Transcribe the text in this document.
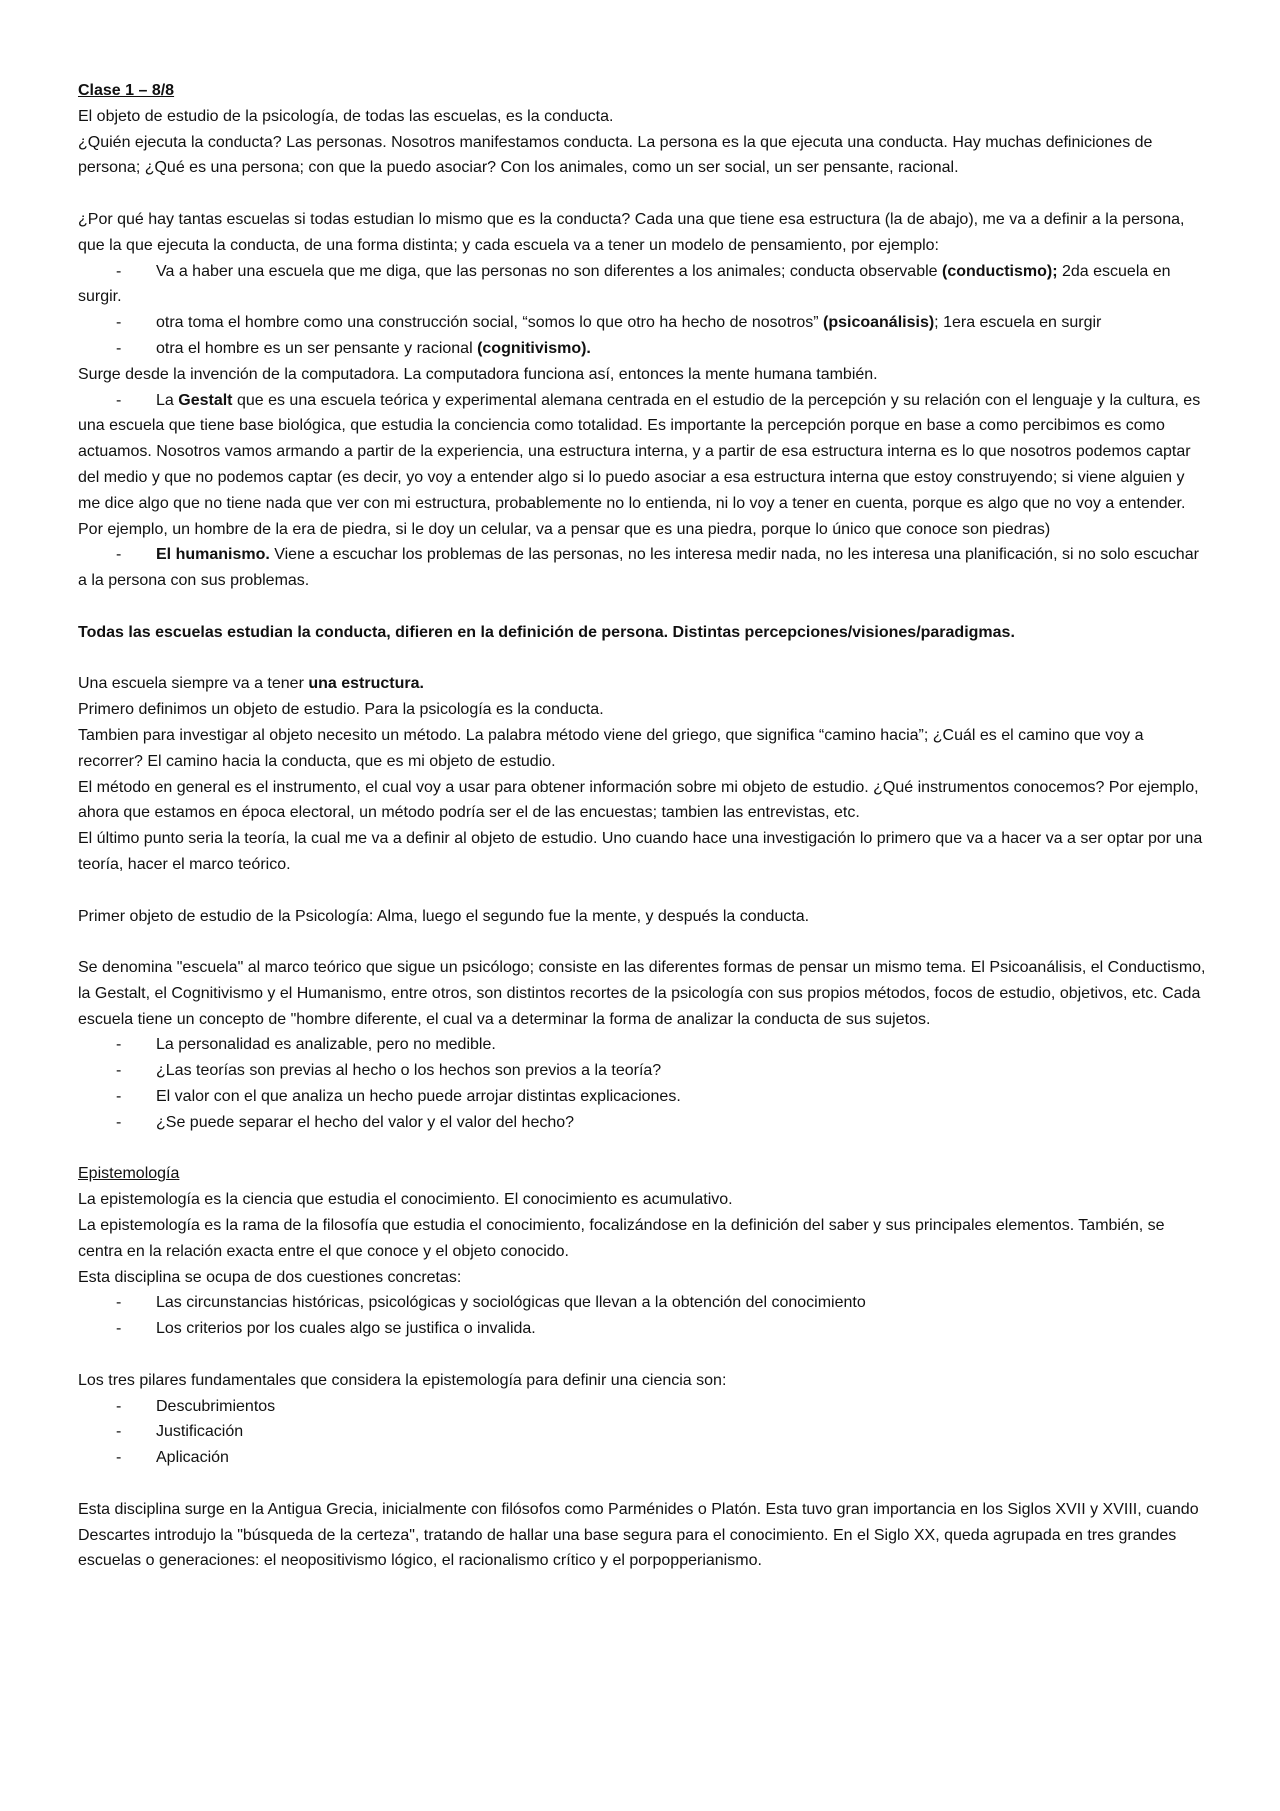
Clase 1 – 8/8

El objeto de estudio de la psicología, de todas las escuelas, es la conducta.

¿Quién ejecuta la conducta? Las personas. Nosotros manifestamos conducta. La persona es la que ejecuta una conducta. Hay muchas definiciones de persona; ¿Qué es una persona; con que la puedo asociar? Con los animales, como un ser social, un ser pensante, racional.

¿Por qué hay tantas escuelas si todas estudian lo mismo que es la conducta? Cada una que tiene esa estructura (la de abajo), me va a definir a la persona, que la que ejecuta la conducta, de una forma distinta; y cada escuela va a tener un modelo de pensamiento, por ejemplo:

- Va a haber una escuela que me diga, que las personas no son diferentes a los animales; conducta observable (conductismo); 2da escuela en surgir.

- otra toma el hombre como una construcción social, “somos lo que otro ha hecho de nosotros” (psicoanálisis); 1era escuela en surgir

- otra el hombre es un ser pensante y racional (cognitivismo).

Surge desde la invención de la computadora. La computadora funciona así, entonces la mente humana también.

- La Gestalt que es una escuela teórica y experimental alemana centrada en el estudio de la percepción y su relación con el lenguaje y la cultura, es una escuela que tiene base biológica, que estudia la conciencia como totalidad. Es importante la percepción porque en base a como percibimos es como actuamos. Nosotros vamos armando a partir de la experiencia, una estructura interna, y a partir de esa estructura interna es lo que nosotros podemos captar del medio y que no podemos captar (es decir, yo voy a entender algo si lo puedo asociar a esa estructura interna que estoy construyendo; si viene alguien y me dice algo que no tiene nada que ver con mi estructura, probablemente no lo entienda, ni lo voy a tener en cuenta, porque es algo que no voy a entender. Por ejemplo, un hombre de la era de piedra, si le doy un celular, va a pensar que es una piedra, porque lo único que conoce son piedras)

- El humanismo. Viene a escuchar los problemas de las personas, no les interesa medir nada, no les interesa una planificación, si no solo escuchar a la persona con sus problemas.

Todas las escuelas estudian la conducta, difieren en la definición de persona. Distintas percepciones/visiones/paradigmas.

Una escuela siempre va a tener una estructura.

Primero definimos un objeto de estudio. Para la psicología es la conducta.

Tambien para investigar al objeto necesito un método. La palabra método viene del griego, que significa “camino hacia”; ¿Cuál es el camino que voy a recorrer? El camino hacia la conducta, que es mi objeto de estudio.

El método en general es el instrumento, el cual voy a usar para obtener información sobre mi objeto de estudio. ¿Qué instrumentos conocemos? Por ejemplo, ahora que estamos en época electoral, un método podría ser el de las encuestas; tambien las entrevistas, etc.

El último punto seria la teoría, la cual me va a definir al objeto de estudio. Uno cuando hace una investigación lo primero que va a hacer va a ser optar por una teoría, hacer el marco teórico.

Primer objeto de estudio de la Psicología: Alma, luego el segundo fue la mente, y después la conducta.

Se denomina "escuela" al marco teórico que sigue un psicólogo; consiste en las diferentes formas de pensar un mismo tema. El Psicoanálisis, el Conductismo, la Gestalt, el Cognitivismo y el Humanismo, entre otros, son distintos recortes de la psicología con sus propios métodos, focos de estudio, objetivos, etc. Cada escuela tiene un concepto de "hombre diferente, el cual va a determinar la forma de analizar la conducta de sus sujetos.

- La personalidad es analizable, pero no medible.

- ¿Las teorías son previas al hecho o los hechos son previos a la teoría?

- El valor con el que analiza un hecho puede arrojar distintas explicaciones.

- ¿Se puede separar el hecho del valor y el valor del hecho?

Epistemología

La epistemología es la ciencia que estudia el conocimiento. El conocimiento es acumulativo.

La epistemología es la rama de la filosofía que estudia el conocimiento, focalizándose en la definición del saber y sus principales elementos. También, se centra en la relación exacta entre el que conoce y el objeto conocido.

Esta disciplina se ocupa de dos cuestiones concretas:

- Las circunstancias históricas, psicológicas y sociológicas que llevan a la obtención del conocimiento

- Los criterios por los cuales algo se justifica o invalida.

Los tres pilares fundamentales que considera la epistemología para definir una ciencia son:

- Descubrimientos

- Justificación

- Aplicación

Esta disciplina surge en la Antigua Grecia, inicialmente con filósofos como Parménides o Platón. Esta tuvo gran importancia en los Siglos XVII y XVIII, cuando Descartes introdujo la "búsqueda de la certeza", tratando de hallar una base segura para el conocimiento. En el Siglo XX, queda agrupada en tres grandes escuelas o generaciones: el neopositivismo lógico, el racionalismo crítico y el porpopperianismo.
